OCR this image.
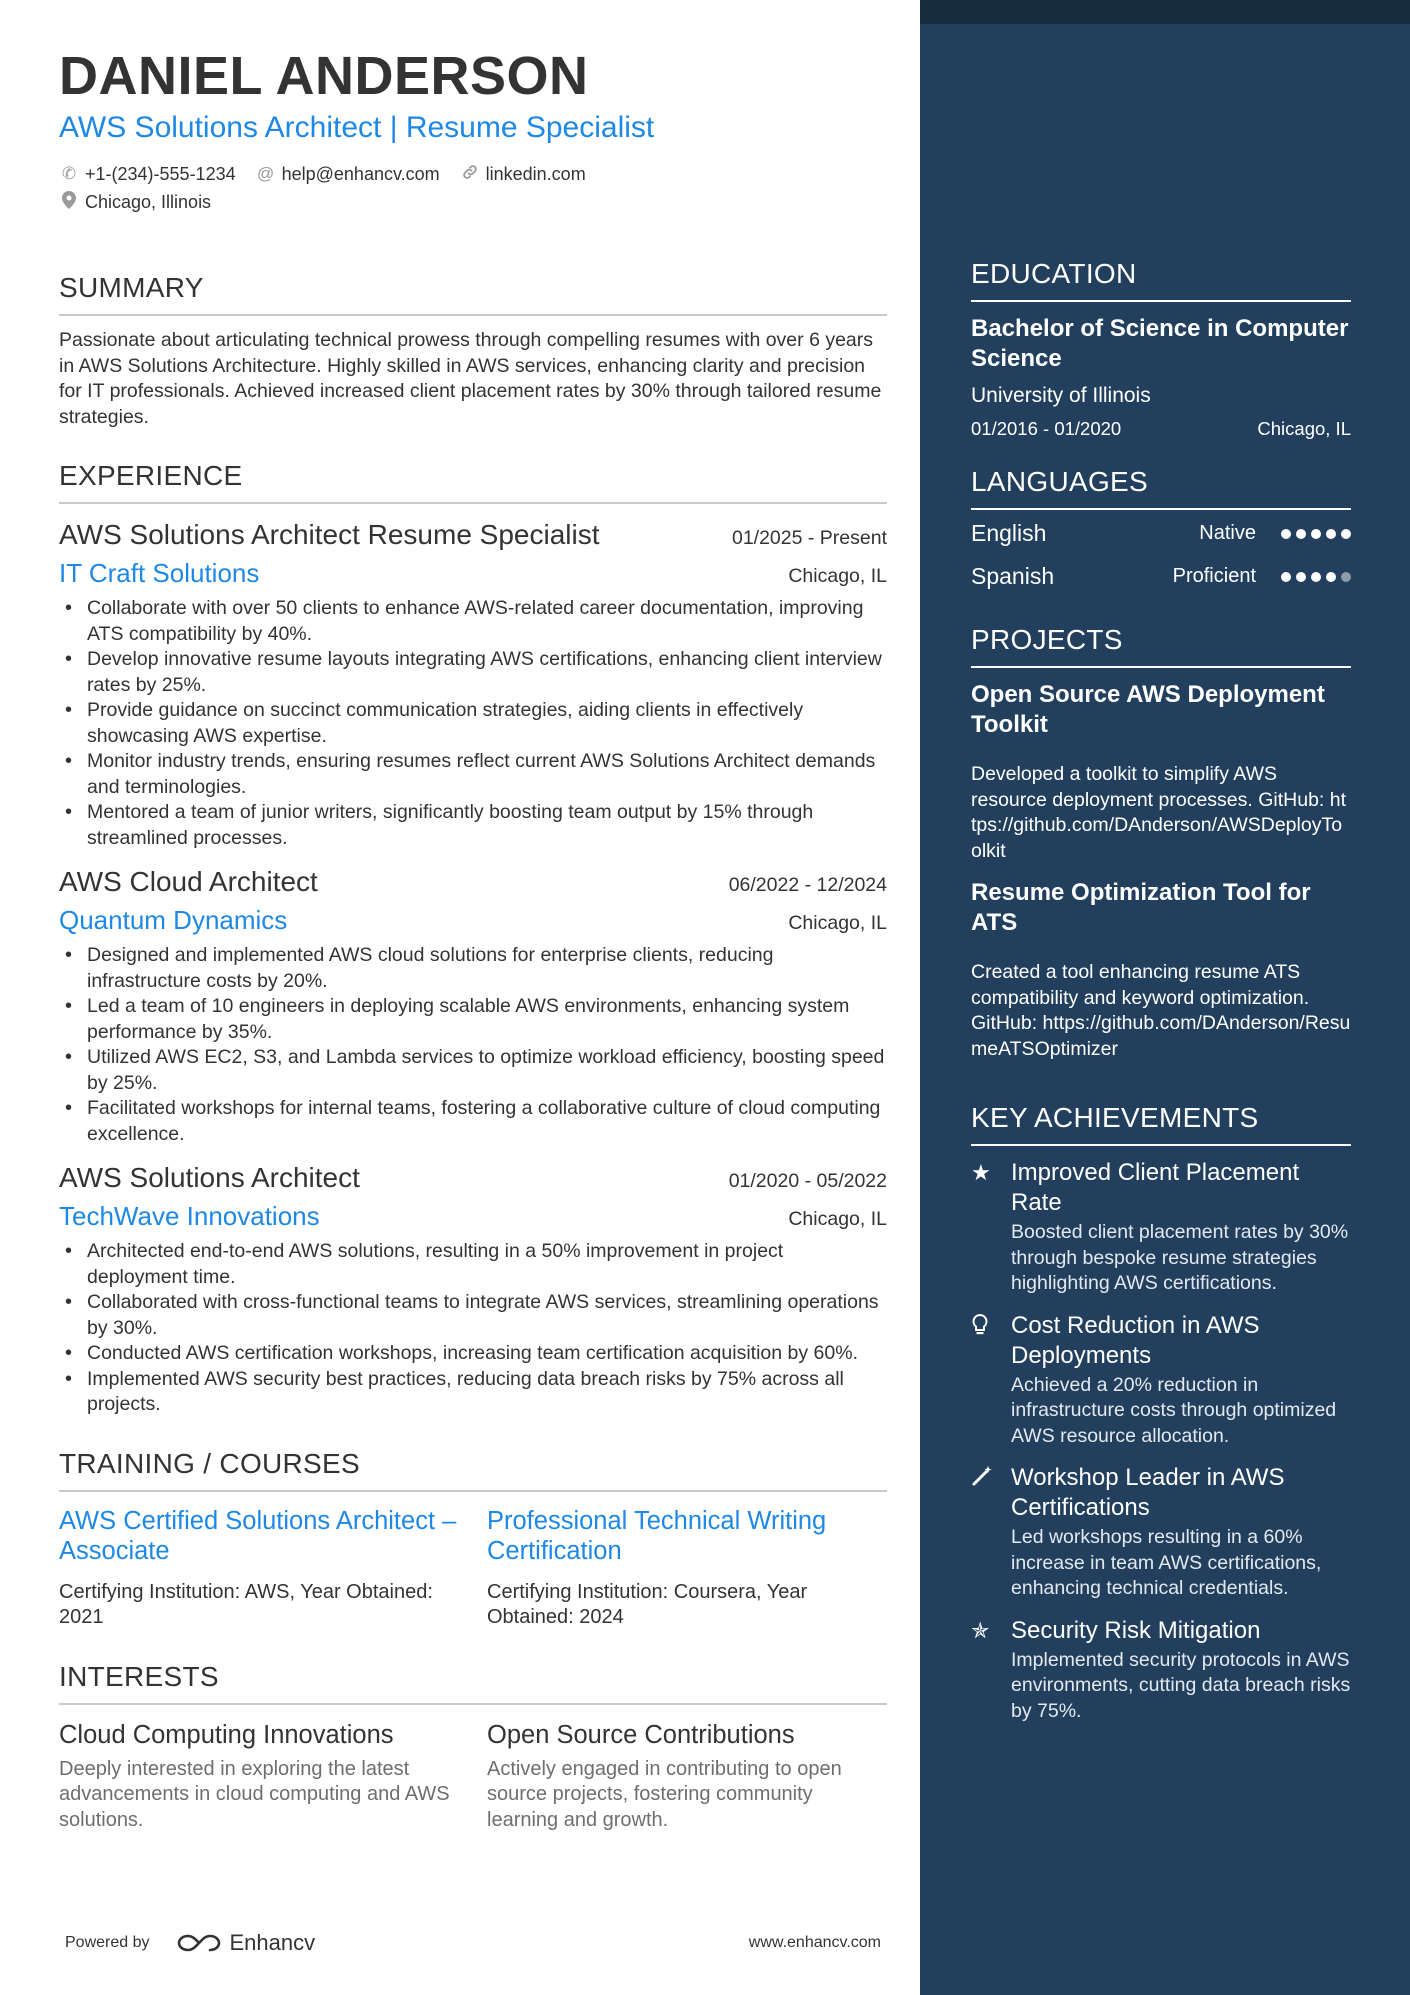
DANIEL ANDERSON
AWS Solutions Architect | Resume Specialist
✆ +1-(234)-555-1234 @ help@enhancv.com	linkedin.com
Chicago, Illinois
SUMMARY
Passionate about articulating technical prowess through compelling resumes with over 6 years in AWS Solutions Architecture. Highly skilled in AWS services, enhancing clarity and precision for IT professionals. Achieved increased client placement rates by 30% through tailored resume strategies.
EXPERIENCE
AWS Solutions Architect Resume Specialist	01/2025 - Present
IT Craft Solutions	Chicago, IL
• Collaborate with over 50 clients to enhance AWS-related career documentation, improving ATS compatibility by 40%.
• Develop innovative resume layouts integrating AWS certifications, enhancing client interview rates by 25%.
• Provide guidance on succinct communication strategies, aiding clients in effectively showcasing AWS expertise.
• Monitor industry trends, ensuring resumes reflect current AWS Solutions Architect demands and terminologies.
• Mentored a team of junior writers, significantly boosting team output by 15% through streamlined processes.
AWS Cloud Architect	06/2022 - 12/2024
Quantum Dynamics	Chicago, IL
• Designed and implemented AWS cloud solutions for enterprise clients, reducing infrastructure costs by 20%.
• Led a team of 10 engineers in deploying scalable AWS environments, enhancing system performance by 35%.
• Utilized AWS EC2, S3, and Lambda services to optimize workload efficiency, boosting speed by 25%.
• Facilitated workshops for internal teams, fostering a collaborative culture of cloud computing excellence.
AWS Solutions Architect	01/2020 - 05/2022
TechWave Innovations	Chicago, IL
• Architected end-to-end AWS solutions, resulting in a 50% improvement in project deployment time.
• Collaborated with cross-functional teams to integrate AWS services, streamlining operations by 30%.
• Conducted AWS certification workshops, increasing team certification acquisition by 60%.
• Implemented AWS security best practices, reducing data breach risks by 75% across all projects.
TRAINING / COURSES
AWS Certified Solutions Architect – Associate
Certifying Institution: AWS, Year Obtained: 2021
Professional Technical Writing Certification
Certifying Institution: Coursera, Year Obtained: 2024
INTERESTS
Cloud Computing Innovations
Deeply interested in exploring the latest advancements in cloud computing and AWS solutions.
Open Source Contributions
Actively engaged in contributing to open source projects, fostering community learning and growth.
Powered by	Enhancv	www.enhancv.com
EDUCATION
Bachelor of Science in Computer Science
University of Illinois
01/2016 - 01/2020	Chicago, IL
LANGUAGES
English	Native
Spanish	Proficient
PROJECTS
Open Source AWS Deployment Toolkit
Developed a toolkit to simplify AWS resource deployment processes. GitHub: https://github.com/DAnderson/AWSDeployToolkit
Resume Optimization Tool for ATS
Created a tool enhancing resume ATS compatibility and keyword optimization. GitHub: https://github.com/DAnderson/ResumeATSOptimizer
KEY ACHIEVEMENTS
★ Improved Client Placement Rate
Boosted client placement rates by 30% through bespoke resume strategies highlighting AWS certifications.
Cost Reduction in AWS Deployments
Achieved a 20% reduction in infrastructure costs through optimized AWS resource allocation.
Workshop Leader in AWS Certifications
Led workshops resulting in a 60% increase in team AWS certifications, enhancing technical credentials.
✯ Security Risk Mitigation
Implemented security protocols in AWS environments, cutting data breach risks by 75%.
